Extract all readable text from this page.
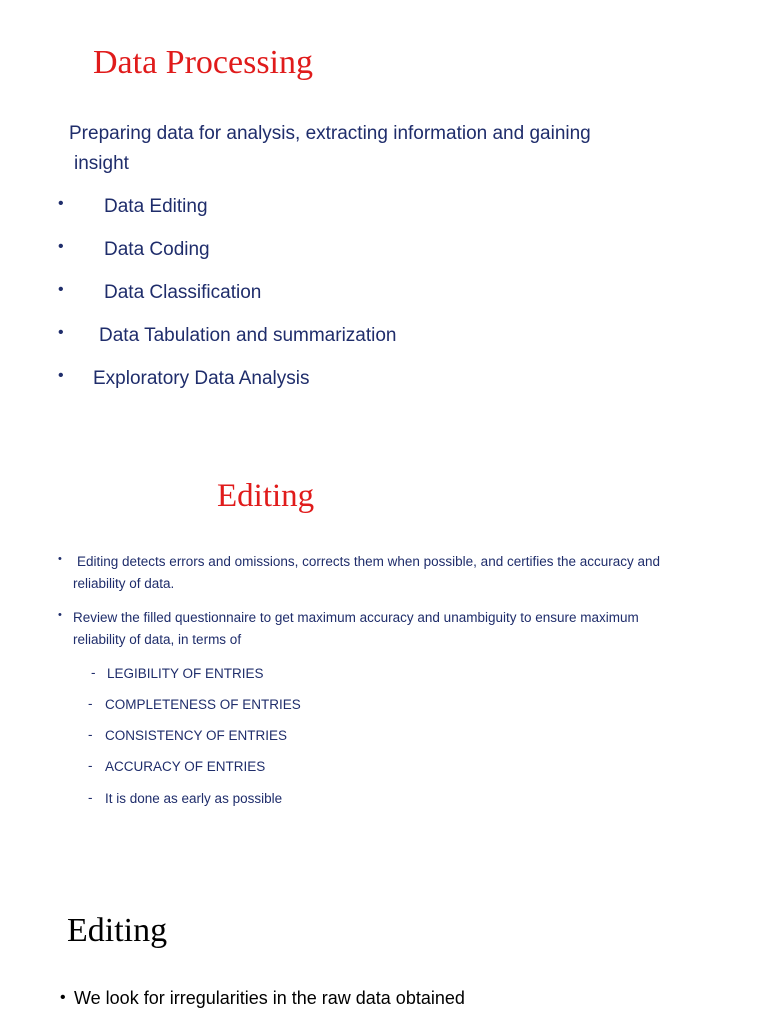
Data Processing
Preparing data for analysis, extracting information and gaining
insight
• Data Editing
• Data Coding
• Data Classification
• Data Tabulation and summarization
• Exploratory Data Analysis
Editing
• Editing detects errors and omissions, corrects them when possible, and certifies the accuracy and
reliability of data.
• Review the filled questionnaire to get maximum accuracy and unambiguity to ensure maximum
reliability of data, in terms of
- LEGIBILITY OF ENTRIES
- COMPLETENESS OF ENTRIES
- CONSISTENCY OF ENTRIES
- ACCURACY OF ENTRIES
- It is done as early as possible
Editing
• We look for irregularities in the raw data obtained
